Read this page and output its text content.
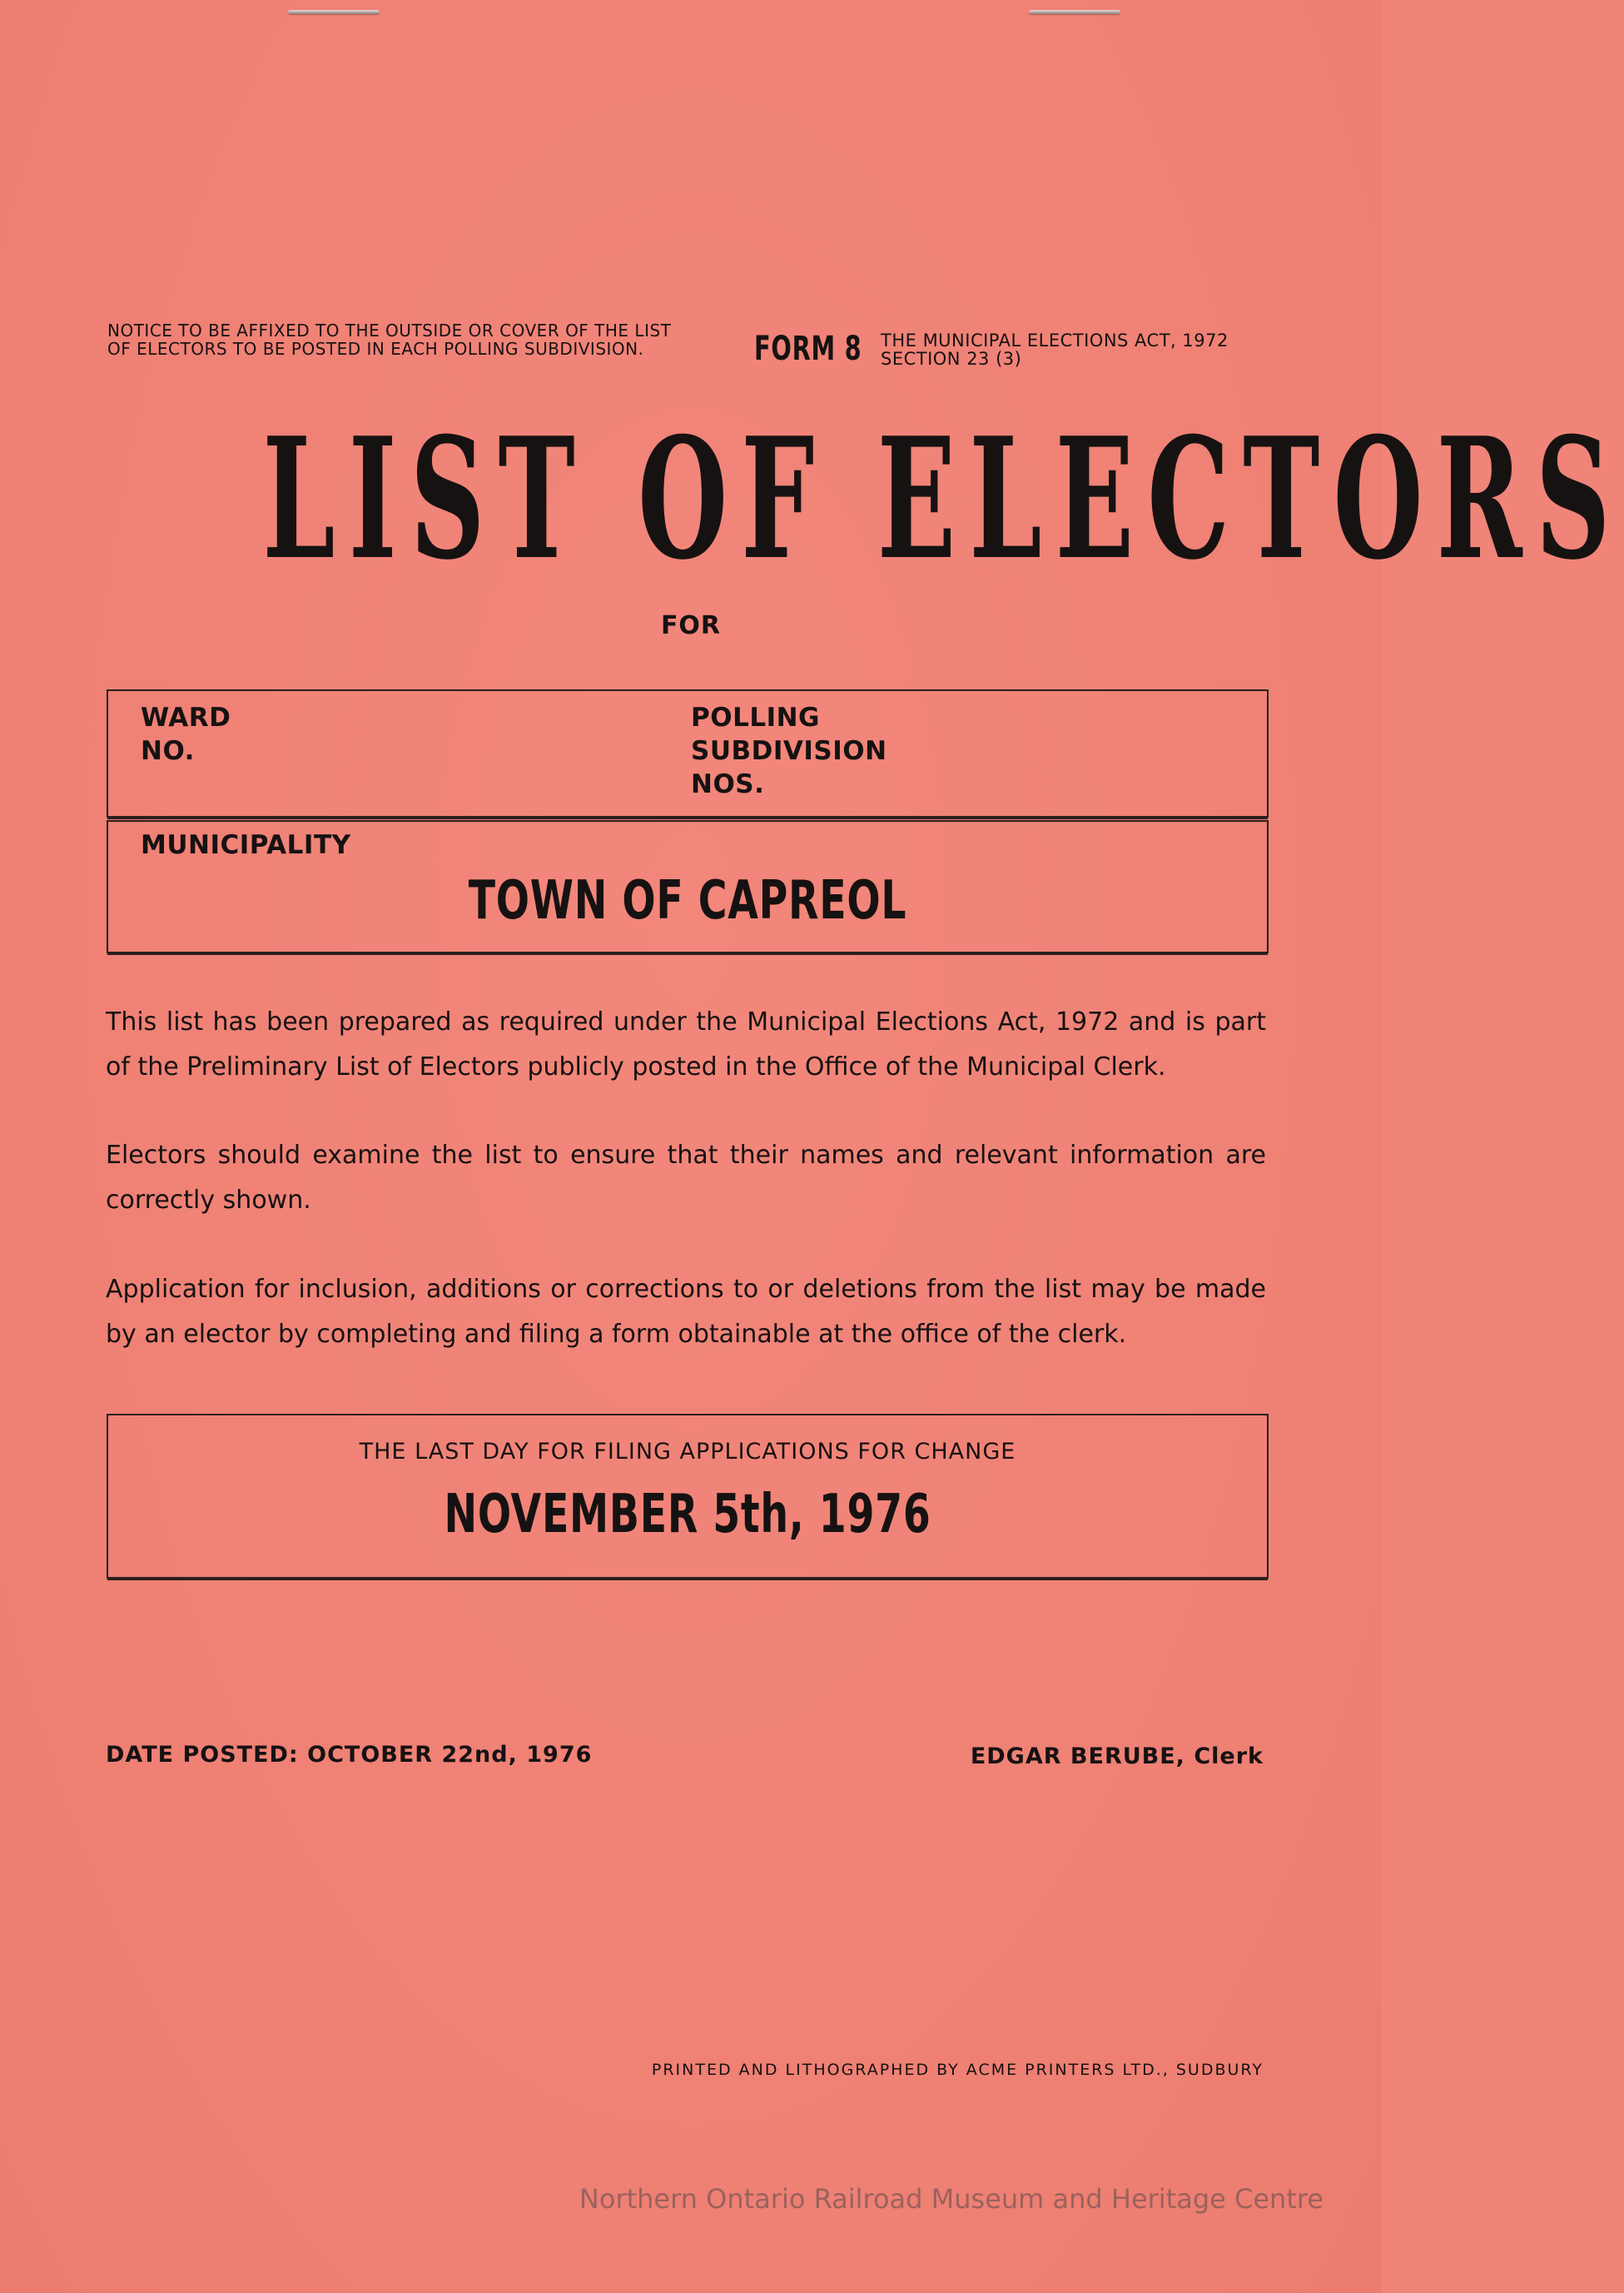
NOTICE TO BE AFFIXED TO THE OUTSIDE OR COVER OF THE LIST OF ELECTORS TO BE POSTED IN EACH POLLING SUBDIVISION.	FORM 8 THE MUNICIPAL ELECTIONS ACT, 1972
SECTION 23 (3)
LIST OF ELECTORS
FOR
WARD
NO.
POLLING
SUBDIVISION
NOS.
MUNICIPALITY
TOWN OF CAPREOL
This list has been prepared as required under the Municipal Elections Act, 1972 and is part of the Preliminary List of Electors publicly posted in the Office of the Municipal Clerk.
Electors should examine the list to ensure that their names and relevant information are correctly shown.
Application for inclusion, additions or corrections to or deletions from the list may be made by an elector by completing and filing a form obtainable at the office of the clerk.
THE LAST DAY FOR FILING APPLICATIONS FOR CHANGE
NOVEMBER 5th, 1976
DATE POSTED: OCTOBER 22nd, 1976	EDGAR BERUBE, Clerk
PRINTED AND LITHOGRAPHED BY ACME PRINTERS LTD., SUDBURY
Northern Ontario Railroad Museum and Heritage Centre
